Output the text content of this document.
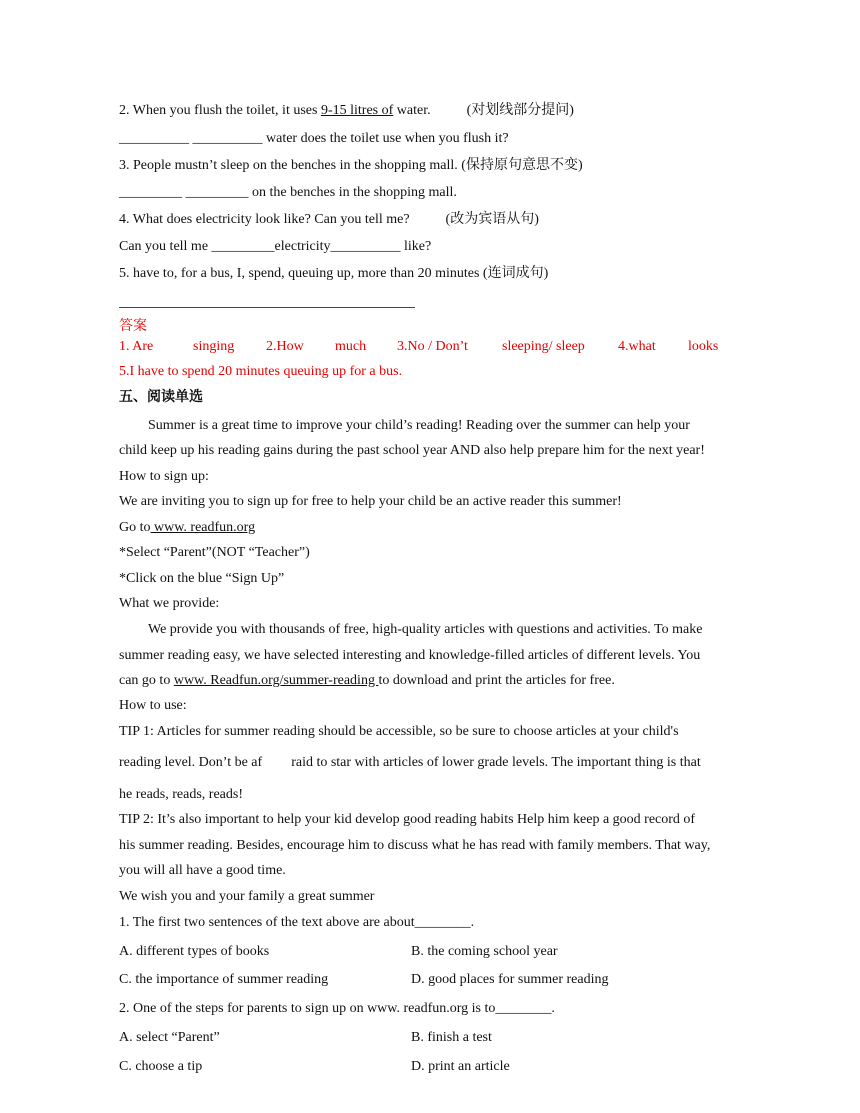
2. When you flush the toilet, it uses 9-15 litres of water.	(对划线部分提问)
__________ __________ water does the toilet use when you flush it?
3. People mustn’t sleep on the benches in the shopping mall. (保持原句意思不变)
_________ _________ on the benches in the shopping mall.
4. What does electricity look like? Can you tell me?	(改为宾语从句)
Can you tell me _________electricity__________ like?
5. have to, for a bus, I, spend, queuing up, more than 20 minutes (连词成句)
答案
1. Are	singing 2.How much 3.No / Don’t sleeping/ sleep 4.what looks
5.I have to spend 20 minutes queuing up for a bus.
五、阅读单选
Summer is a great time to improve your child’s reading! Reading over the summer can help your
child keep up his reading gains during the past school year AND also help prepare him for the next year!
How to sign up:
We are inviting you to sign up for free to help your child be an active reader this summer!
Go to www. readfun.org
*Select “Parent”(NOT “Teacher”)
*Click on the blue “Sign Up”
What we provide:
We provide you with thousands of free, high-quality articles with questions and activities. To make
summer reading easy, we have selected interesting and knowledge-filled articles of different levels. You
can go to www. Readfun.org/summer-reading to download and print the articles for free.
How to use:
TIP 1: Articles for summer reading should be accessible, so be sure to choose articles at your child's
reading level. Don’t be af raid to star with articles of lower grade levels. The important thing is that
he reads, reads, reads!
TIP 2: It’s also important to help your kid develop good reading habits Help him keep a good record of
his summer reading. Besides, encourage him to discuss what he has read with family members. That way,
you will all have a good time.
We wish you and your family a great summer
1. The first two sentences of the text above are about________.
A. different types of books	B. the coming school year
C. the importance of summer reading	D. good places for summer reading
2. One of the steps for parents to sign up on www. readfun.org is to________.
A. select “Parent”	B. finish a test
C. choose a tip	D. print an article
